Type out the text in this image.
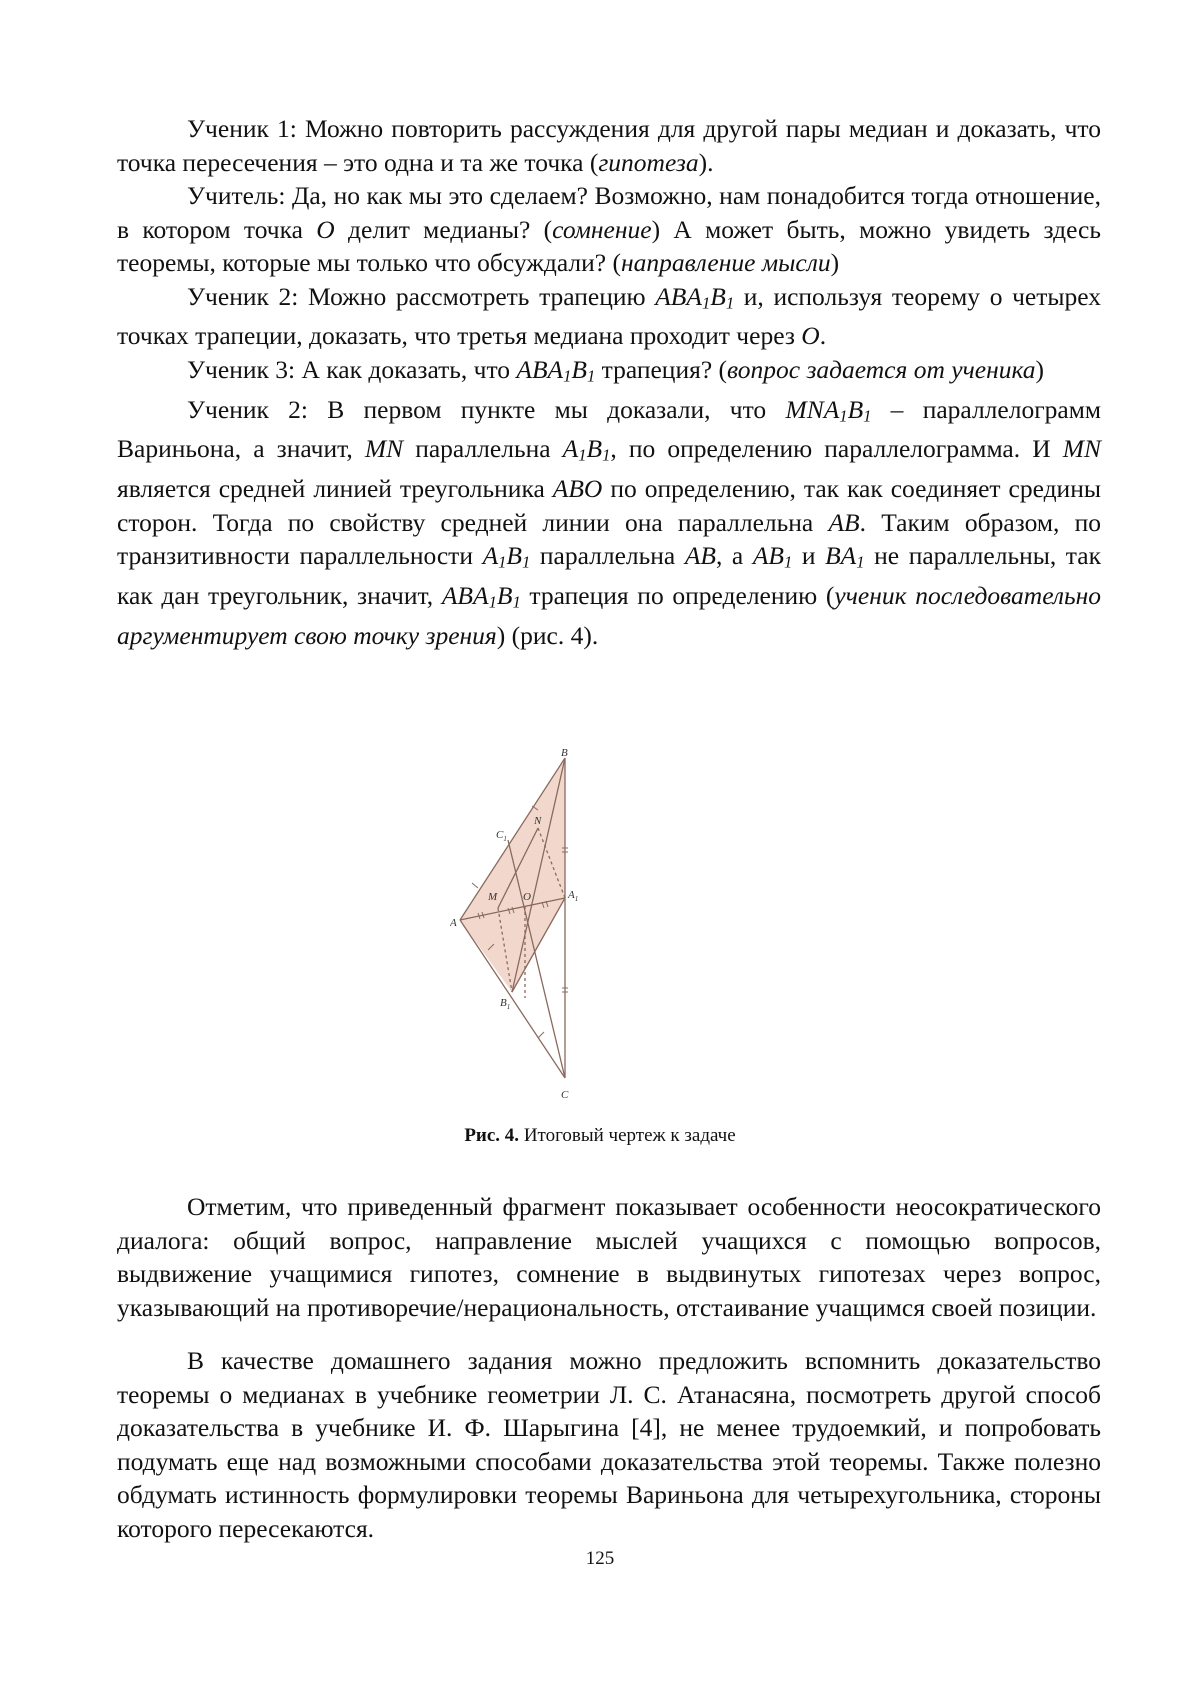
Ученик 1: Можно повторить рассуждения для другой пары медиан и доказать, что точка пересечения – это одна и та же точка (гипотеза).

Учитель: Да, но как мы это сделаем? Возможно, нам понадобится тогда отношение, в котором точка O делит медианы? (сомнение) А может быть, можно увидеть здесь теоремы, которые мы только что обсуждали? (направление мысли)

Ученик 2: Можно рассмотреть трапецию $ABA_1B_1$ и, используя теорему о четырех точках трапеции, доказать, что третья медиана проходит через O.

Ученик 3: А как доказать, что $ABA_1B_1$ трапеция? (вопрос задается от ученика)

Ученик 2: В первом пункте мы доказали, что $MNA_1B_1$ – параллелограмм Вариньона, а значит, MN параллельна $A_1B_1$, по определению параллелограмма. И MN является средней линией треугольника ABO по определению, так как соединяет средины сторон. Тогда по свойству средней линии она параллельна AB. Таким образом, по транзитивности параллельности $A_1B_1$ параллельна AB, а $AB_1$ и $BA_1$ не параллельны, так как дан треугольник, значит, $ABA_1B_1$ трапеция по определению (ученик последовательно аргументирует свою точку зрения) (рис. 4).

B
$C_1$
N
M O	$A_1$
A
$B_1$
C
Рис. 4. Итоговый чертеж к задаче

Отметим, что приведенный фрагмент показывает особенности неосократического диалога: общий вопрос, направление мыслей учащихся с помощью вопросов, выдвижение учащимися гипотез, сомнение в выдвинутых гипотезах через вопрос, указывающий на противоречие/нерациональность, отстаивание учащимся своей позиции.

В качестве домашнего задания можно предложить вспомнить доказательство теоремы о медианах в учебнике геометрии Л. С. Атанасяна, посмотреть другой способ доказательства в учебнике И. Ф. Шарыгина [4], не менее трудоемкий, и попробовать подумать еще над возможными способами доказательства этой теоремы. Также полезно обдумать истинность формулировки теоремы Вариньона для четырехугольника, стороны которого пересекаются.

125
